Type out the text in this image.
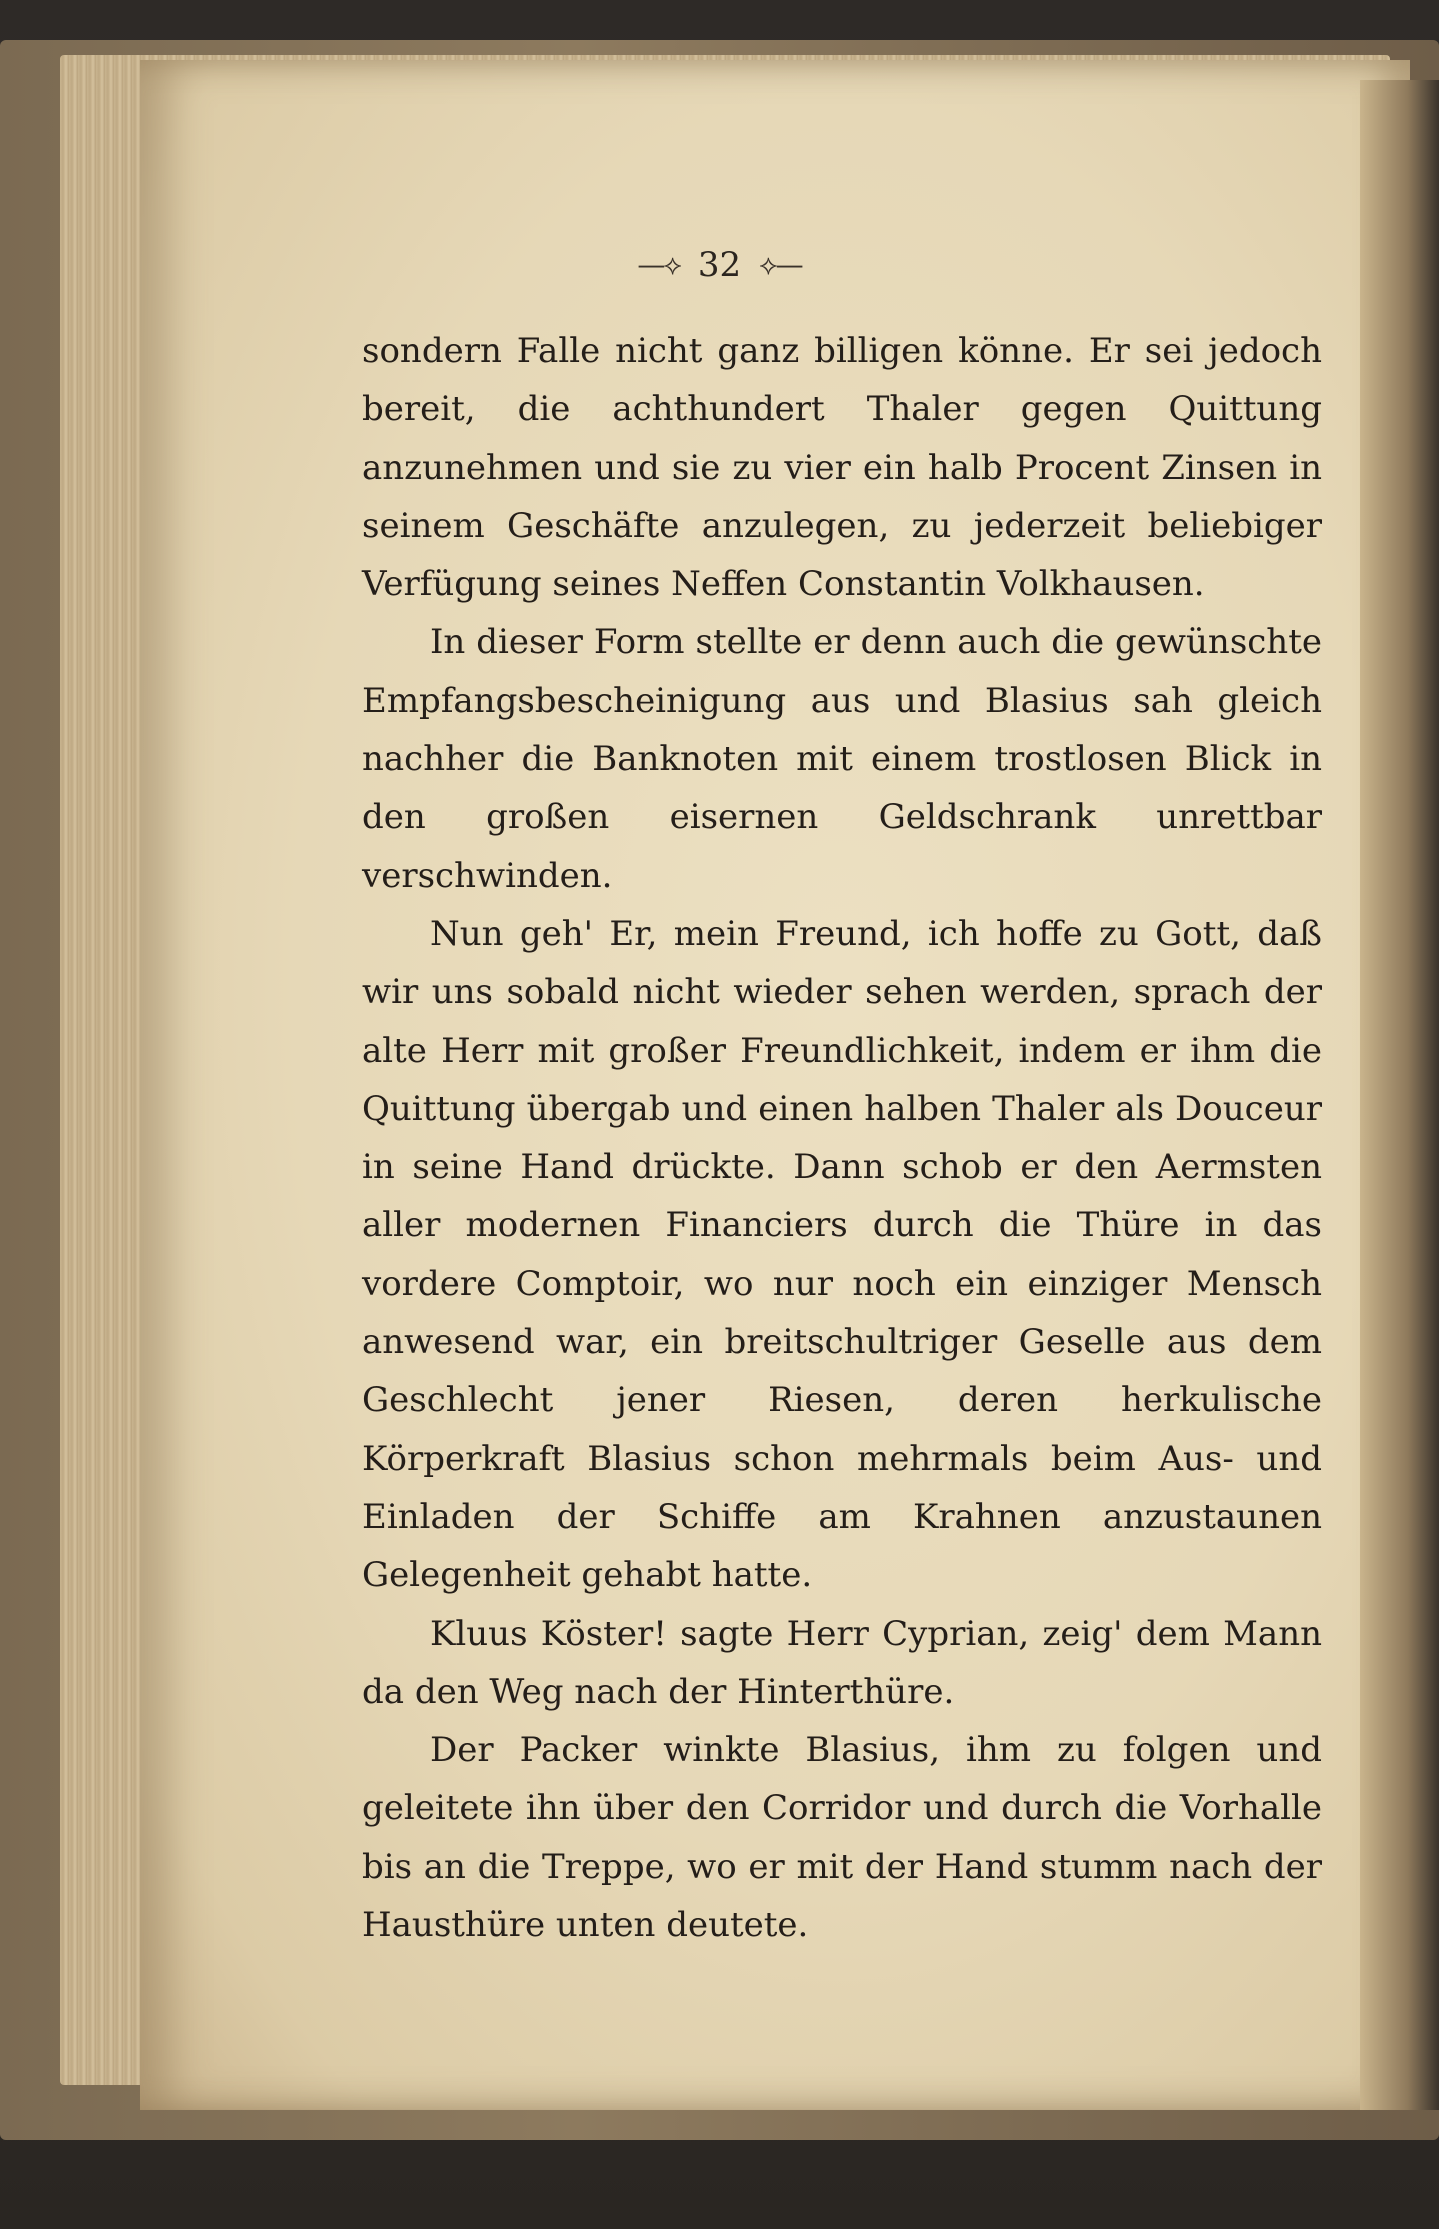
—⟡ 32 ⟡—

sondern Falle nicht ganz billigen könne. Er sei jedoch bereit, die achthundert Thaler gegen Quittung anzunehmen und sie zu vier ein halb Procent Zinsen in seinem Geschäfte anzulegen, zu jederzeit beliebiger Verfügung seines Neffen Constantin Volkhausen.

In dieser Form stellte er denn auch die gewünschte Empfangsbescheinigung aus und Blasius sah gleich nachher die Banknoten mit einem trostlosen Blick in den großen eisernen Geldschrank unrettbar verschwinden.

Nun geh' Er, mein Freund, ich hoffe zu Gott, daß wir uns sobald nicht wieder sehen werden, sprach der alte Herr mit großer Freundlichkeit, indem er ihm die Quittung übergab und einen halben Thaler als Douceur in seine Hand drückte. Dann schob er den Aermsten aller modernen Financiers durch die Thüre in das vordere Comptoir, wo nur noch ein einziger Mensch anwesend war, ein breitschultriger Geselle aus dem Geschlecht jener Riesen, deren herkulische Körperkraft Blasius schon mehrmals beim Aus- und Einladen der Schiffe am Krahnen anzustaunen Gelegenheit gehabt hatte.

Kluus Köster! sagte Herr Cyprian, zeig' dem Mann da den Weg nach der Hinterthüre.

Der Packer winkte Blasius, ihm zu folgen und geleitete ihn über den Corridor und durch die Vorhalle bis an die Treppe, wo er mit der Hand stumm nach der Hausthüre unten deutete.
